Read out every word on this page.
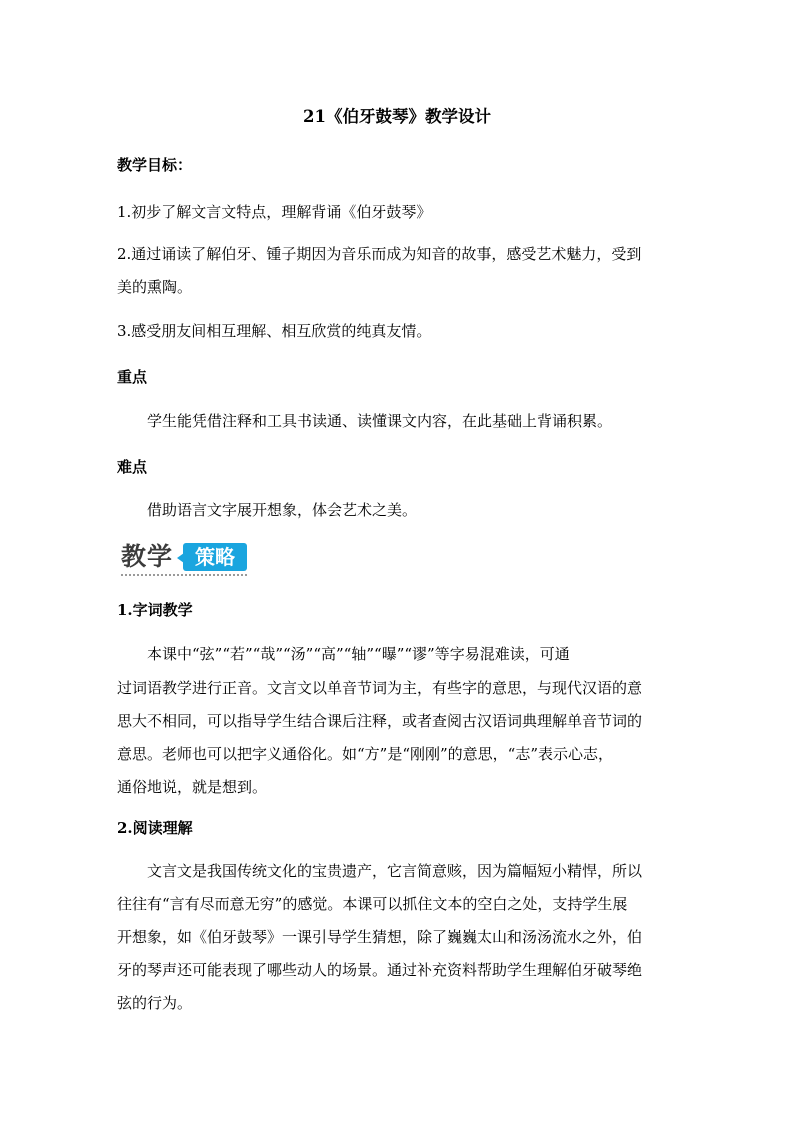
21《伯牙鼓琴》教学设计
教学目标：
1.初步了解文言文特点，理解背诵《伯牙鼓琴》
2.通过诵读了解伯牙、锺子期因为音乐而成为知音的故事，感受艺术魅力，受到
美的熏陶。
3.感受朋友间相互理解、相互欣赏的纯真友情。
重点
学生能凭借注释和工具书读通、读懂课文内容，在此基础上背诵积累。
难点
借助语言文字展开想象，体会艺术之美。
教学	策略
1.字词教学
本课中“弦”“若”“哉”“汤”“高”“轴”“曝”“谬”等字易混难读，可通
过词语教学进行正音。文言文以单音节词为主，有些字的意思，与现代汉语的意
思大不相同，可以指导学生结合课后注释，或者查阅古汉语词典理解单音节词的
意思。老师也可以把字义通俗化。如“方”是“刚刚”的意思，“志”表示心志，
通俗地说，就是想到。
2.阅读理解
文言文是我国传统文化的宝贵遗产，它言简意赅，因为篇幅短小精悍，所以
往往有“言有尽而意无穷”的感觉。本课可以抓住文本的空白之处，支持学生展
开想象，如《伯牙鼓琴》一课引导学生猜想，除了巍巍太山和汤汤流水之外，伯
牙的琴声还可能表现了哪些动人的场景。通过补充资料帮助学生理解伯牙破琴绝
弦的行为。
